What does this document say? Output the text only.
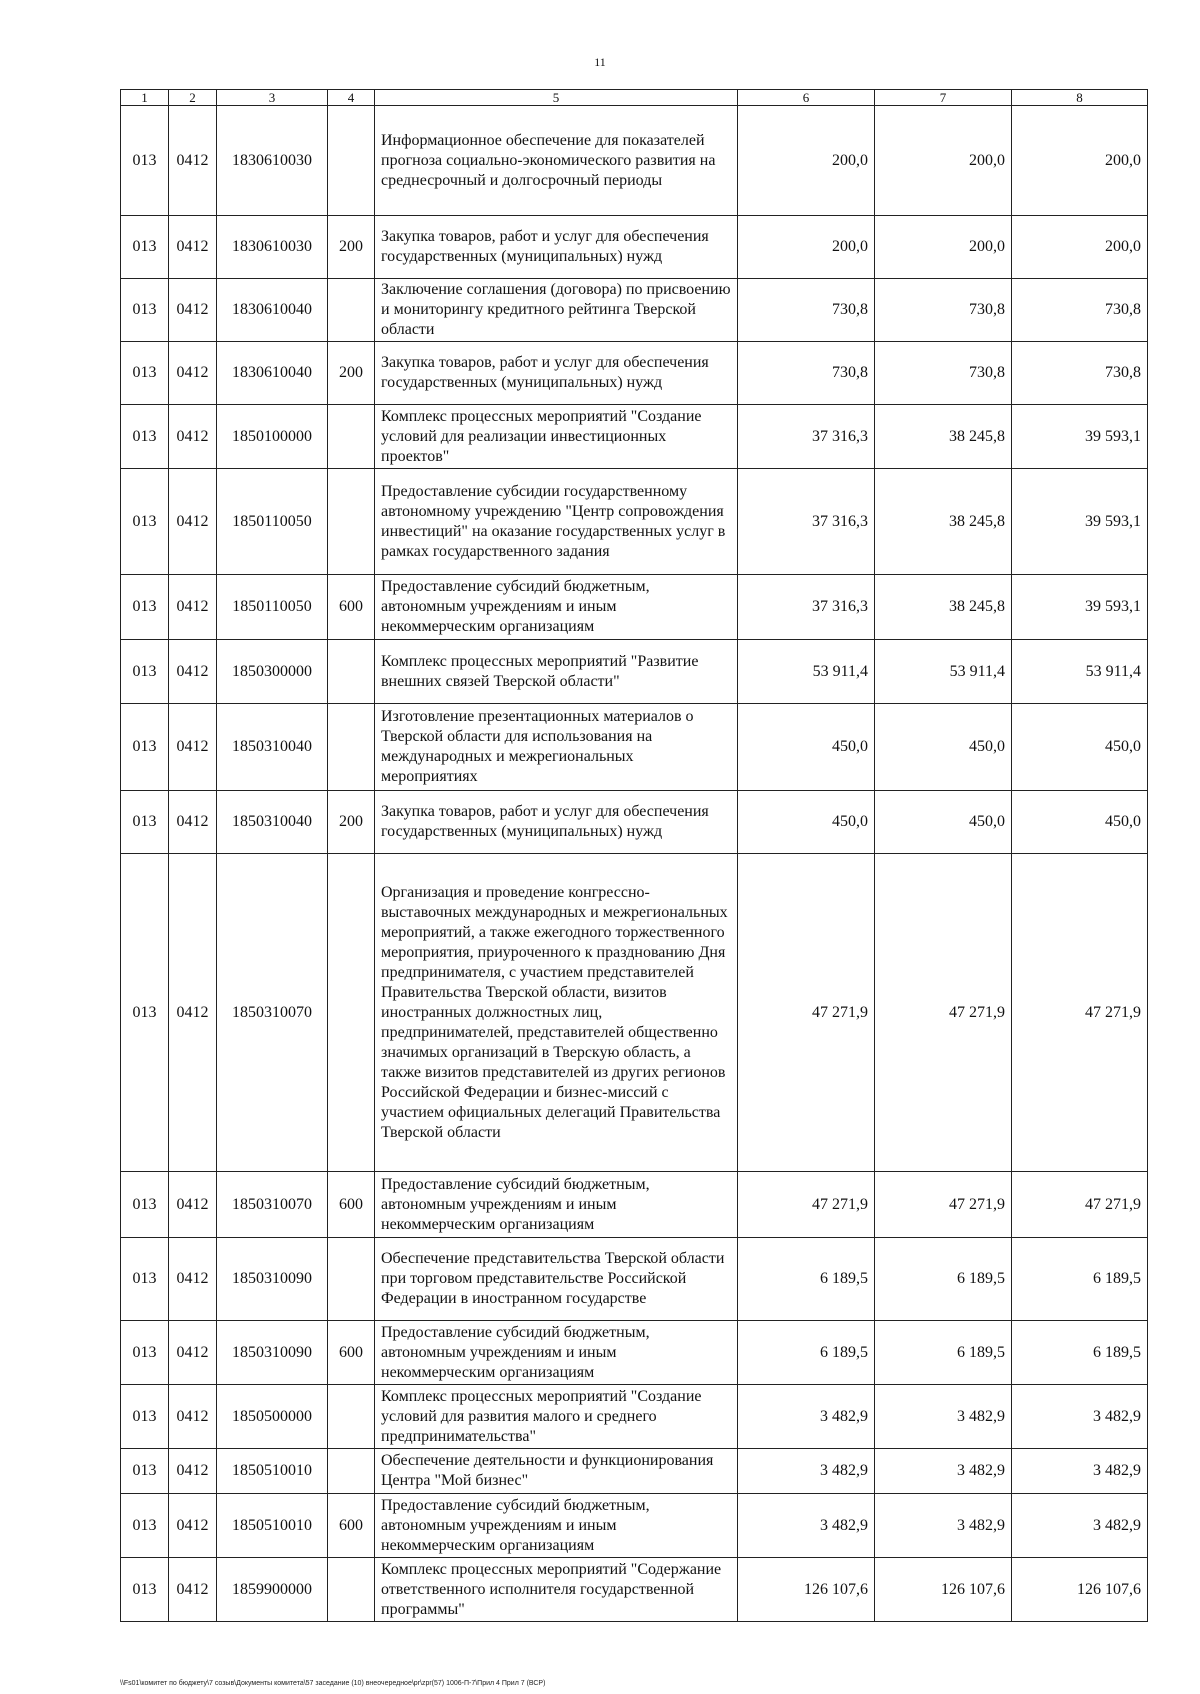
11
1	2	3	4	5	6	7	8
013	0412	1830610030		Информационное обеспечение для показателей прогноза социально-экономического развития на среднесрочный и долгосрочный периоды	200,0	200,0	200,0
013	0412	1830610030	200	Закупка товаров, работ и услуг для обеспечения государственных (муниципальных) нужд	200,0	200,0	200,0
013	0412	1830610040		Заключение соглашения (договора) по присвоению и мониторингу кредитного рейтинга Тверской области	730,8	730,8	730,8
013	0412	1830610040	200	Закупка товаров, работ и услуг для обеспечения государственных (муниципальных) нужд	730,8	730,8	730,8
013	0412	1850100000		Комплекс процессных мероприятий "Создание условий для реализации инвестиционных проектов"	37 316,3	38 245,8	39 593,1
013	0412	1850110050		Предоставление субсидии государственному автономному учреждению "Центр сопровождения инвестиций" на оказание государственных услуг в рамках государственного задания	37 316,3	38 245,8	39 593,1
013	0412	1850110050	600	Предоставление субсидий бюджетным, автономным учреждениям и иным некоммерческим организациям	37 316,3	38 245,8	39 593,1
013	0412	1850300000		Комплекс процессных мероприятий "Развитие внешних связей Тверской области"	53 911,4	53 911,4	53 911,4
013	0412	1850310040		Изготовление презентационных материалов о Тверской области для использования на международных и межрегиональных мероприятиях	450,0	450,0	450,0
013	0412	1850310040	200	Закупка товаров, работ и услуг для обеспечения государственных (муниципальных) нужд	450,0	450,0	450,0
013	0412	1850310070		Организация и проведение конгрессно-выставочных международных и межрегиональных мероприятий, а также ежегодного торжественного мероприятия, приуроченного к празднованию Дня предпринимателя, с участием представителей Правительства Тверской области, визитов иностранных должностных лиц, предпринимателей, представителей общественно значимых организаций в Тверскую область, а также визитов представителей из других регионов Российской Федерации и бизнес-миссий с участием официальных делегаций Правительства Тверской области	47 271,9	47 271,9	47 271,9
013	0412	1850310070	600	Предоставление субсидий бюджетным, автономным учреждениям и иным некоммерческим организациям	47 271,9	47 271,9	47 271,9
013	0412	1850310090		Обеспечение представительства Тверской области при торговом представительстве Российской Федерации в иностранном государстве	6 189,5	6 189,5	6 189,5
013	0412	1850310090	600	Предоставление субсидий бюджетным, автономным учреждениям и иным некоммерческим организациям	6 189,5	6 189,5	6 189,5
013	0412	1850500000		Комплекс процессных мероприятий "Создание условий для развития малого и среднего предпринимательства"	3 482,9	3 482,9	3 482,9
013	0412	1850510010		Обеспечение деятельности и функционирования Центра "Мой бизнес"	3 482,9	3 482,9	3 482,9
013	0412	1850510010	600	Предоставление субсидий бюджетным, автономным учреждениям и иным некоммерческим организациям	3 482,9	3 482,9	3 482,9
013	0412	1859900000		Комплекс процессных мероприятий "Содержание ответственного исполнителя государственной программы"	126 107,6	126 107,6	126 107,6
\\Fs01\комитет по бюджету\7 созыв\Документы комитета\57 заседание (10) внеочередное\pr\zpr(57) 1006-П-7\Прил 4 Прил 7 (ВСР)
